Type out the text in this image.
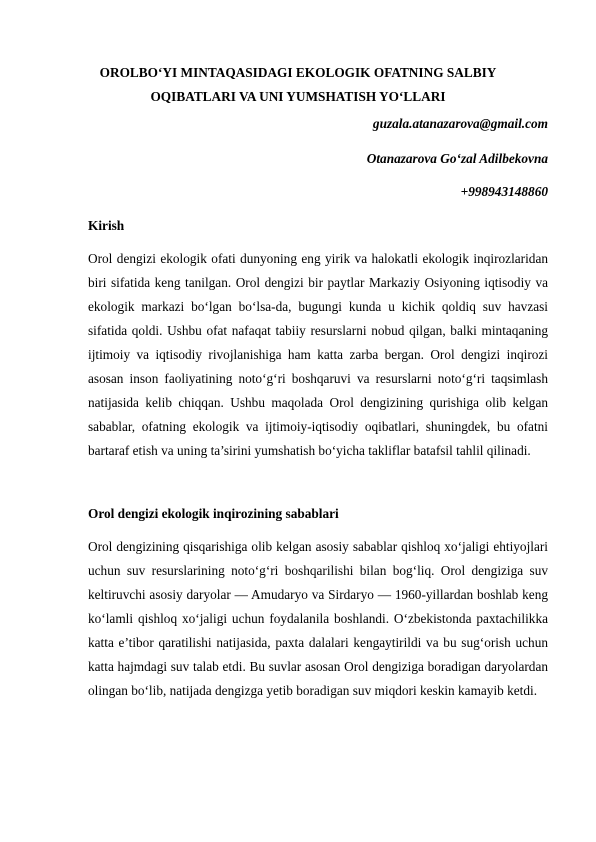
OROLBO‘YI MINTAQASIDAGI EKOLOGIK OFATNING SALBIY OQIBATLARI VA UNI YUMSHATISH YO‘LLARI

guzala.atanazarova@gmail.com

Otanazarova Go‘zal Adilbekovna

+998943148860

Kirish

Orol dengizi ekologik ofati dunyoning eng yirik va halokatli ekologik inqirozlaridan biri sifatida keng tanilgan. Orol dengizi bir paytlar Markaziy Osiyoning iqtisodiy va ekologik markazi bo‘lgan bo‘lsa-da, bugungi kunda u kichik qoldiq suv havzasi sifatida qoldi. Ushbu ofat nafaqat tabiiy resurslarni nobud qilgan, balki mintaqaning ijtimoiy va iqtisodiy rivojlanishiga ham katta zarba bergan. Orol dengizi inqirozi asosan inson faoliyatining noto‘g‘ri boshqaruvi va resurslarni noto‘g‘ri taqsimlash natijasida kelib chiqqan. Ushbu maqolada Orol dengizining qurishiga olib kelgan sabablar, ofatning ekologik va ijtimoiy-iqtisodiy oqibatlari, shuningdek, bu ofatni bartaraf etish va uning ta’sirini yumshatish bo‘yicha takliflar batafsil tahlil qilinadi.

Orol dengizi ekologik inqirozining sabablari

Orol dengizining qisqarishiga olib kelgan asosiy sabablar qishloq xo‘jaligi ehtiyojlari uchun suv resurslarining noto‘g‘ri boshqarilishi bilan bog‘liq. Orol dengiziga suv keltiruvchi asosiy daryolar — Amudaryo va Sirdaryo — 1960-yillardan boshlab keng ko‘lamli qishloq xo‘jaligi uchun foydalanila boshlandi. O‘zbekistonda paxtachilikka katta e’tibor qaratilishi natijasida, paxta dalalari kengaytirildi va bu sug‘orish uchun katta hajmdagi suv talab etdi. Bu suvlar asosan Orol dengiziga boradigan daryolardan olingan bo‘lib, natijada dengizga yetib boradigan suv miqdori keskin kamayib ketdi.
